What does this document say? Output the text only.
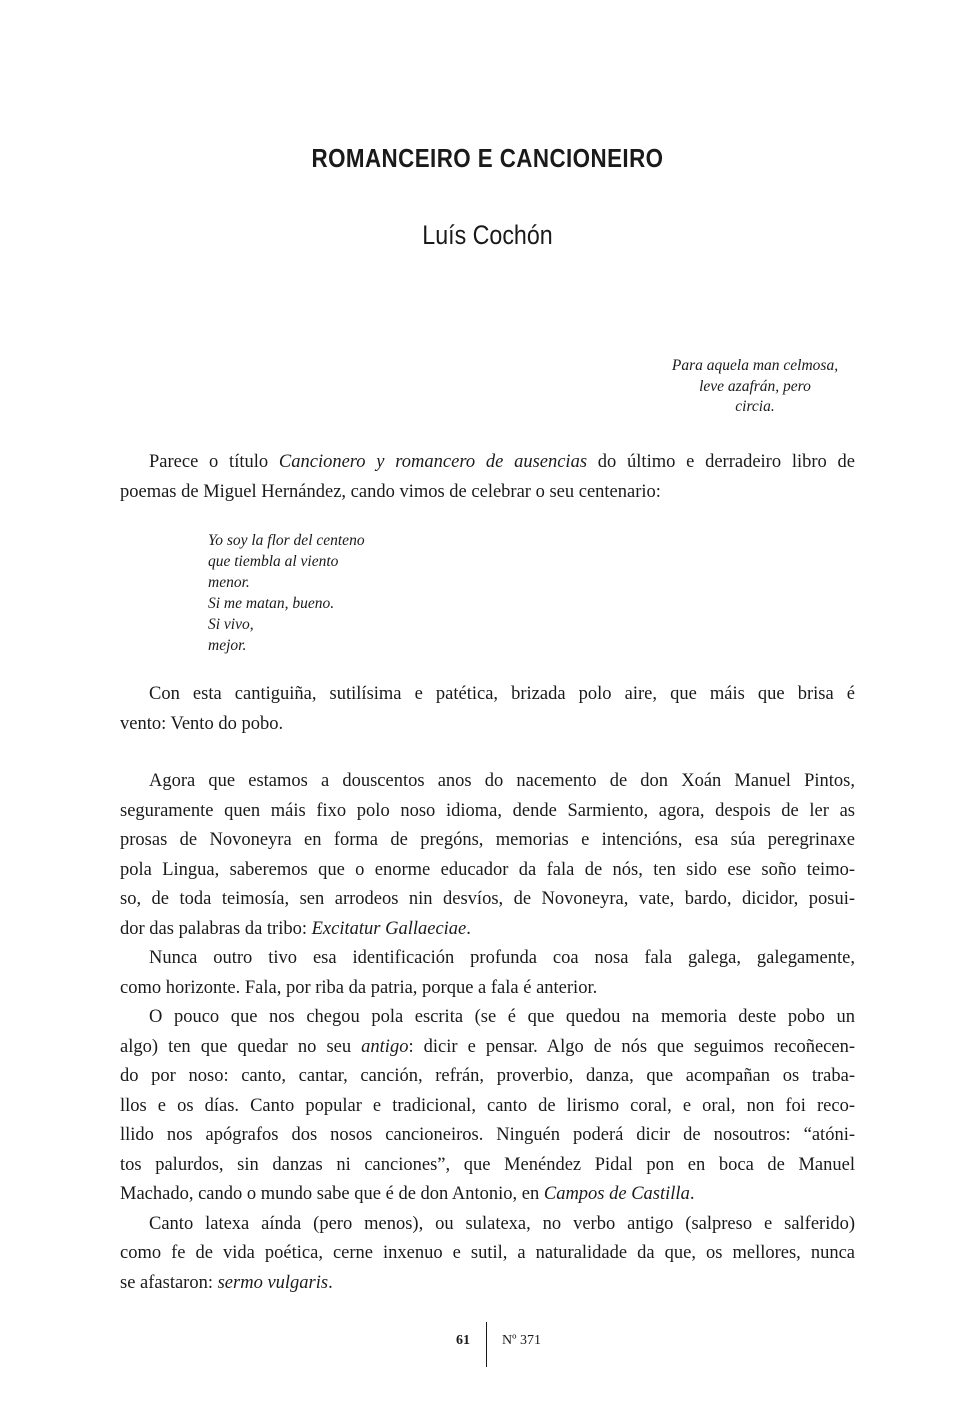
ROMANCEIRO E CANCIONEIRO
Luís Cochón
Para aquela man celmosa,
leve azafrán, pero
circia.
Parece o título Cancionero y romancero de ausencias do último e derradeiro libro de
poemas de Miguel Hernández, cando vimos de celebrar o seu centenario:
Yo soy la flor del centeno
que tiembla al viento
menor.
Si me matan, bueno.
Si vivo,
mejor.
Con esta cantiguiña, sutilísima e patética, brizada polo aire, que máis que brisa é
vento: Vento do pobo.
Agora que estamos a douscentos anos do nacemento de don Xoán Manuel Pintos,
seguramente quen máis fixo polo noso idioma, dende Sarmiento, agora, despois de ler as
prosas de Novoneyra en forma de pregóns, memorias e intencións, esa súa peregrinaxe
pola Lingua, saberemos que o enorme educador da fala de nós, ten sido ese soño teimo-
so, de toda teimosía, sen arrodeos nin desvíos, de Novoneyra, vate, bardo, dicidor, posui-
dor das palabras da tribo: Excitatur Gallaeciae.
Nunca outro tivo esa identificación profunda coa nosa fala galega, galegamente,
como horizonte. Fala, por riba da patria, porque a fala é anterior.
O pouco que nos chegou pola escrita (se é que quedou na memoria deste pobo un
algo) ten que quedar no seu antigo: dicir e pensar. Algo de nós que seguimos recoñecen-
do por noso: canto, cantar, canción, refrán, proverbio, danza, que acompañan os traba-
llos e os días. Canto popular e tradicional, canto de lirismo coral, e oral, non foi reco-
llido nos apógrafos dos nosos cancioneiros. Ninguén poderá dicir de nosoutros: “atóni-
tos palurdos, sin danzas ni canciones”, que Menéndez Pidal pon en boca de Manuel
Machado, cando o mundo sabe que é de don Antonio, en Campos de Castilla.
Canto latexa aínda (pero menos), ou sulatexa, no verbo antigo (salpreso e salferido)
como fe de vida poética, cerne inxenuo e sutil, a naturalidade da que, os mellores, nunca
se afastaron: sermo vulgaris.
61 Nº 371
